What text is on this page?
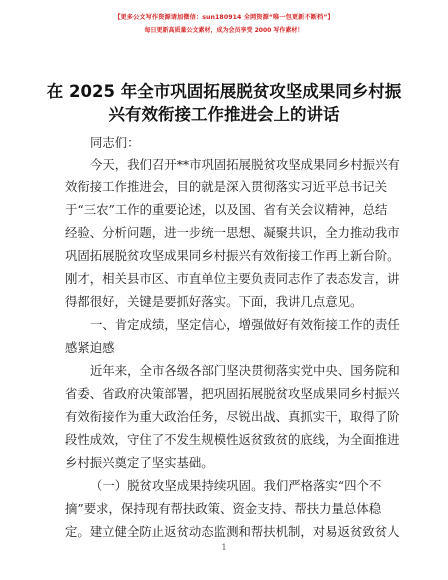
【更多公文写作资源请加微信：sun180914 全网资源“唯一包更新不断档”】
每日更新高质量公文素材，成为会员享受 2000 写作素材！
在 2025 年全市巩固拓展脱贫攻坚成果同乡村振
兴有效衔接工作推进会上的讲话
同志们：
今天，我们召开**市巩固拓展脱贫攻坚成果同乡村振兴有
效衔接工作推进会，目的就是深入贯彻落实习近平总书记关
于“三农”工作的重要论述，以及国、省有关会议精神，总结
经验、分析问题，进一步统一思想、凝聚共识，全力推动我市
巩固拓展脱贫攻坚成果同乡村振兴有效衔接工作再上新台阶。
刚才，相关县市区、市直单位主要负责同志作了表态发言，讲
得都很好，关键是要抓好落实。下面，我讲几点意见。
一、肯定成绩，坚定信心，增强做好有效衔接工作的责任
感紧迫感
近年来，全市各级各部门坚决贯彻落实党中央、国务院和
省委、省政府决策部署，把巩固拓展脱贫攻坚成果同乡村振兴
有效衔接作为重大政治任务，尽锐出战、真抓实干，取得了阶
段性成效，守住了不发生规模性返贫致贫的底线，为全面推进
乡村振兴奠定了坚实基础。
（一）脱贫攻坚成果持续巩固。我们严格落实“四个不
摘”要求，保持现有帮扶政策、资金支持、帮扶力量总体稳
定。建立健全防止返贫动态监测和帮扶机制，对易返贫致贫人
1
